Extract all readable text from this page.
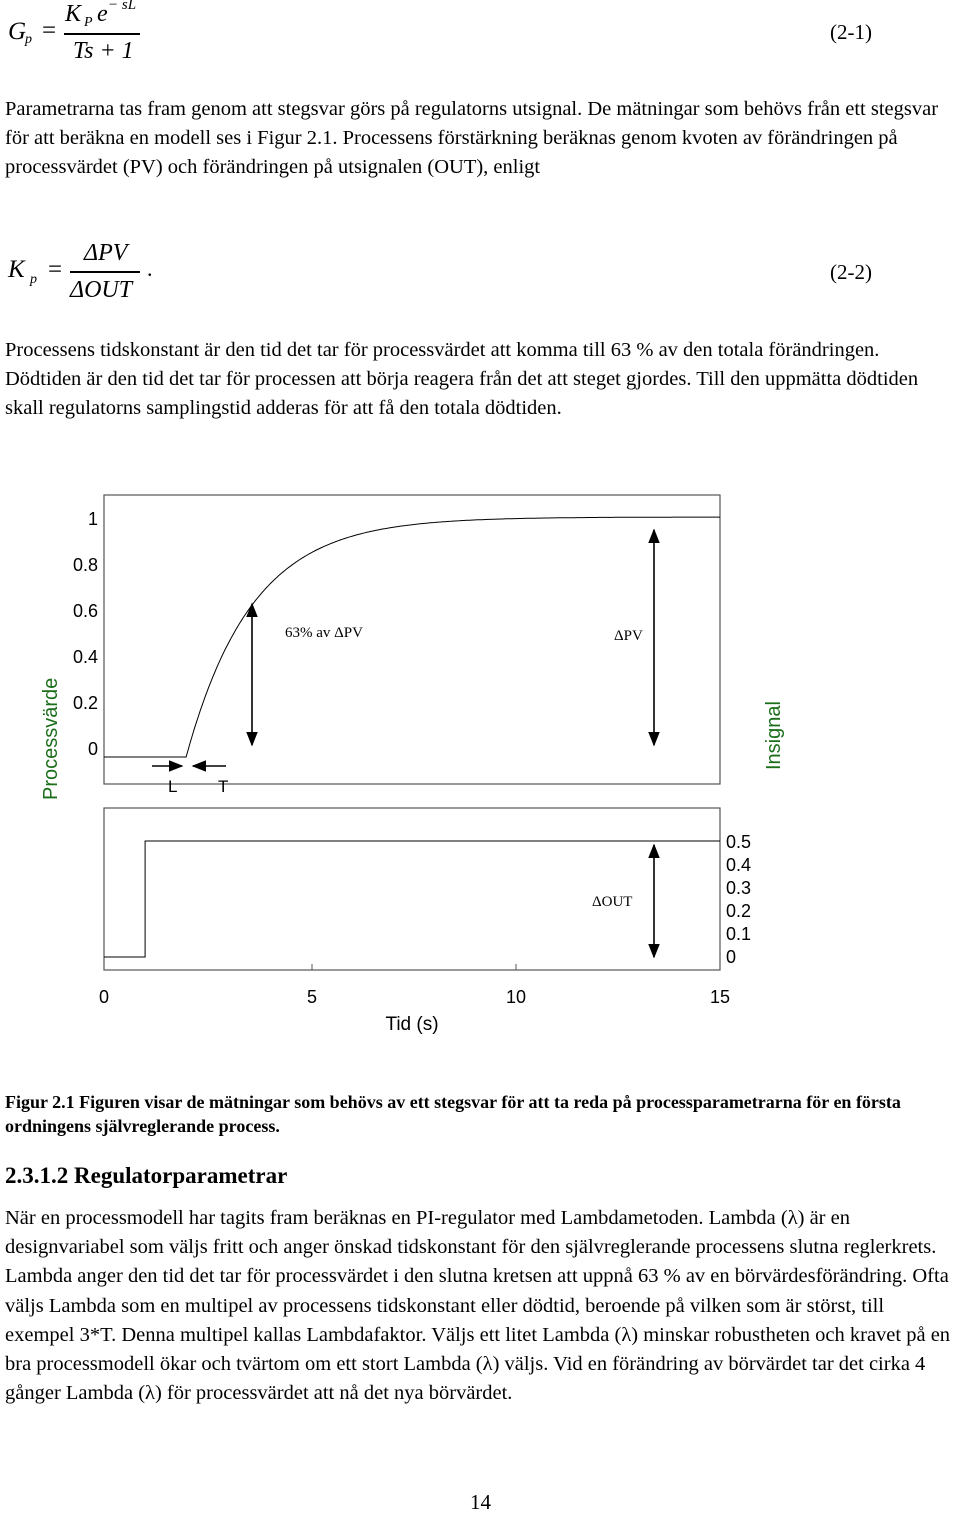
G
p =
K P e − sL
Ts + 1
(2-1)
Parametrarna tas fram genom att stegsvar görs på regulatorns utsignal. De mätningar som behövs från ett stegsvar för att beräkna en modell ses i Figur 2.1. Processens förstärkning beräknas genom kvoten av förändringen på processvärdet (PV) och förändringen på utsignalen (OUT), enligt
K p =
ΔPV
ΔOUT
.	(2-2)
Processens tidskonstant är den tid det tar för processvärdet att komma till 63 % av den totala förändringen. Dödtiden är den tid det tar för processen att börja reagera från det att steget gjordes. Till den uppmätta dödtiden skall regulatorns samplingstid adderas för att få den totala dödtiden.
L T
63% av ΔPV	ΔPV
ΔOUT
Processvärde	Insignal
1
0.8
0.6
0.4
0.2
0
0.5
0.4
0.3
0.2
0.1
0
0	5	10	15
Tid (s)
Figur 2.1 Figuren visar de mätningar som behövs av ett stegsvar för att ta reda på processparametrarna för en första ordningens självreglerande process.
2.3.1.2 Regulatorparametrar
När en processmodell har tagits fram beräknas en PI-regulator med Lambdametoden. Lambda (λ) är en designvariabel som väljs fritt och anger önskad tidskonstant för den självreglerande processens slutna reglerkrets. Lambda anger den tid det tar för processvärdet i den slutna kretsen att uppnå 63 % av en börvärdesförändring. Ofta väljs Lambda som en multipel av processens tidskonstant eller dödtid, beroende på vilken som är störst, till exempel 3*T. Denna multipel kallas Lambdafaktor. Väljs ett litet Lambda (λ) minskar robustheten och kravet på en bra processmodell ökar och tvärtom om ett stort Lambda (λ) väljs. Vid en förändring av börvärdet tar det cirka 4 gånger Lambda (λ) för processvärdet att nå det nya börvärdet.
14
